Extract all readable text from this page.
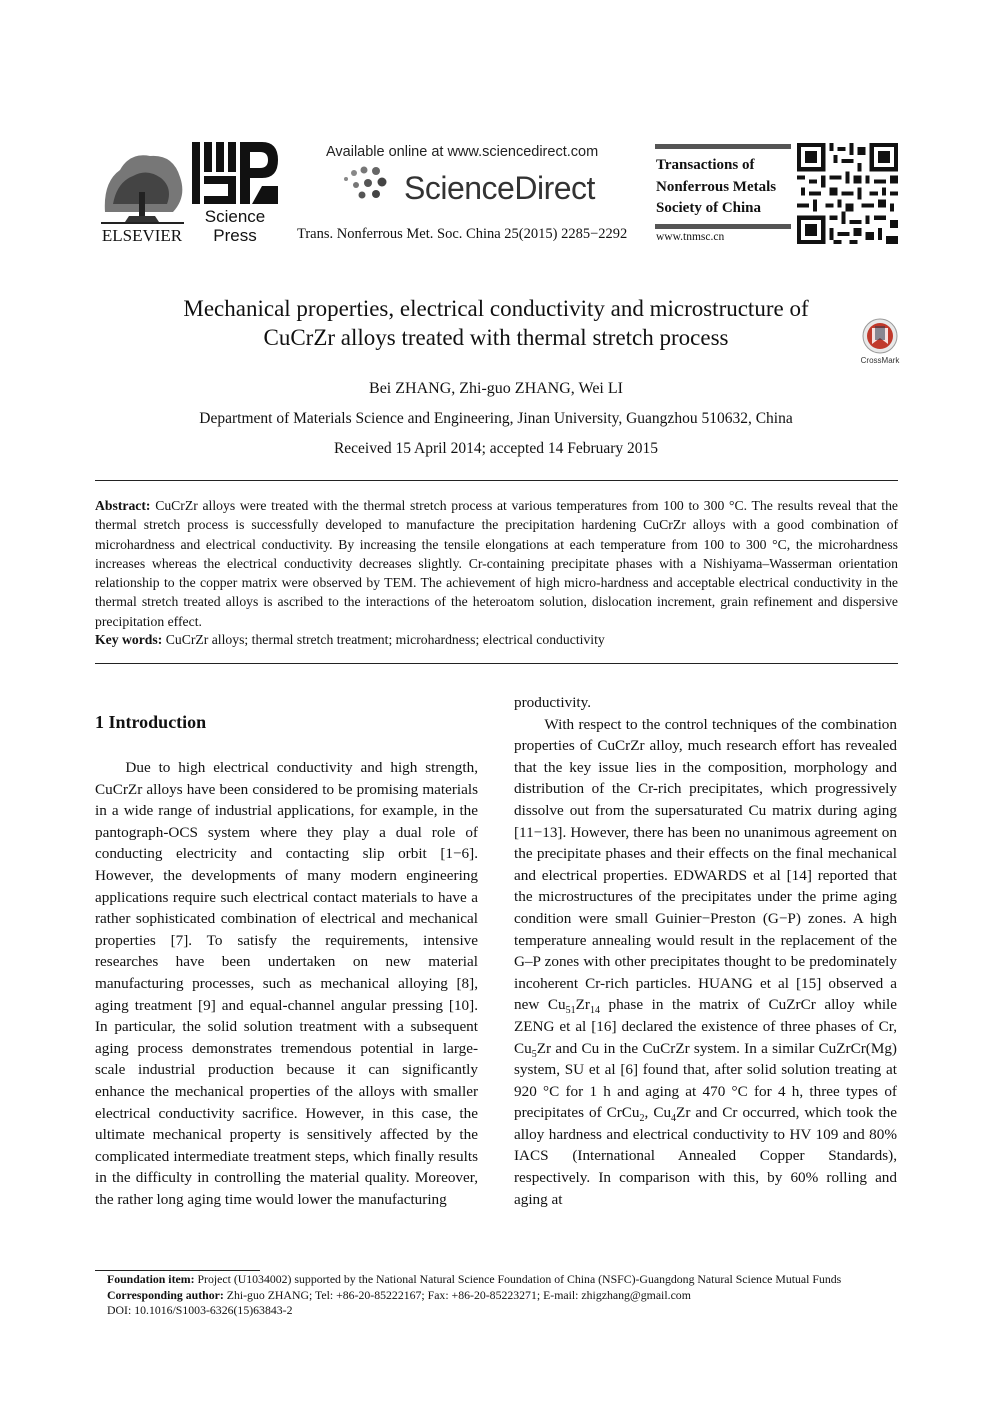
ELSEVIER
Science
Press
Available online at www.sciencedirect.com
ScienceDirect
Trans. Nonferrous Met. Soc. China 25(2015) 2285−2292
Transactions of
Nonferrous Metals
Society of China
www.tnmsc.cn
Mechanical properties, electrical conductivity and microstructure of
CuCrZr alloys treated with thermal stretch process
CrossMark
Bei ZHANG, Zhi-guo ZHANG, Wei LI
Department of Materials Science and Engineering, Jinan University, Guangzhou 510632, China
Received 15 April 2014; accepted 14 February 2015
Abstract: CuCrZr alloys were treated with the thermal stretch process at various temperatures from 100 to 300 °C. The results reveal that the thermal stretch process is successfully developed to manufacture the precipitation hardening CuCrZr alloys with a good combination of microhardness and electrical conductivity. By increasing the tensile elongations at each temperature from 100 to 300 °C, the microhardness increases whereas the electrical conductivity decreases slightly. Cr-containing precipitate phases with a Nishiyama–Wasserman orientation relationship to the copper matrix were observed by TEM. The achievement of high micro-hardness and acceptable electrical conductivity in the thermal stretch treated alloys is ascribed to the interactions of the heteroatom solution, dislocation increment, grain refinement and dispersive precipitation effect.
Key words: CuCrZr alloys; thermal stretch treatment; microhardness; electrical conductivity
1 Introduction

Due to high electrical conductivity and high strength, CuCrZr alloys have been considered to be promising materials in a wide range of industrial applications, for example, in the pantograph-OCS system where they play a dual role of conducting electricity and contacting slip orbit [1−6]. However, the developments of many modern engineering applications require such electrical contact materials to have a rather sophisticated combination of electrical and mechanical properties [7]. To satisfy the requirements, intensive researches have been undertaken on new material manufacturing processes, such as mechanical alloying [8], aging treatment [9] and equal-channel angular pressing [10]. In particular, the solid solution treatment with a subsequent aging process demonstrates tremendous potential in large-scale industrial production because it can significantly enhance the mechanical properties of the alloys with smaller electrical conductivity sacrifice. However, in this case, the ultimate mechanical property is sensitively affected by the complicated intermediate treatment steps, which finally results in the difficulty in controlling the material quality. Moreover, the rather long aging time would lower the manufacturing

productivity.

With respect to the control techniques of the combination properties of CuCrZr alloy, much research effort has revealed that the key issue lies in the composition, morphology and distribution of the Cr-rich precipitates, which progressively dissolve out from the supersaturated Cu matrix during aging [11−13]. However, there has been no unanimous agreement on the precipitate phases and their effects on the final mechanical and electrical properties. EDWARDS et al [14] reported that the microstructures of the precipitates under the prime aging condition were small Guinier−Preston (G−P) zones. A high temperature annealing would result in the replacement of the G–P zones with other precipitates thought to be predominately incoherent Cr-rich particles. HUANG et al [15] observed a new $Cu_{51}Zr_{14}$ phase in the matrix of CuZrCr alloy while ZENG et al [16] declared the existence of three phases of Cr, $Cu_5Zr$ and Cu in the CuCrZr system. In a similar CuZrCr(Mg) system, SU et al [6] found that, after solid solution treating at 920 °C for 1 h and aging at 470 °C for 4 h, three types of precipitates of CrCu$_2$, $Cu_4Zr$ and Cr occurred, which took the alloy hardness and electrical conductivity to HV 109 and 80% IACS (International Annealed Copper Standards), respectively. In comparison with this, by 60% rolling and aging at

Foundation item: Project (U1034002) supported by the National Natural Science Foundation of China (NSFC)-Guangdong Natural Science Mutual Funds
Corresponding author: Zhi-guo ZHANG; Tel: +86-20-85222167; Fax: +86-20-85223271; E-mail: zhigzhang@gmail.com
DOI: 10.1016/S1003-6326(15)63843-2
